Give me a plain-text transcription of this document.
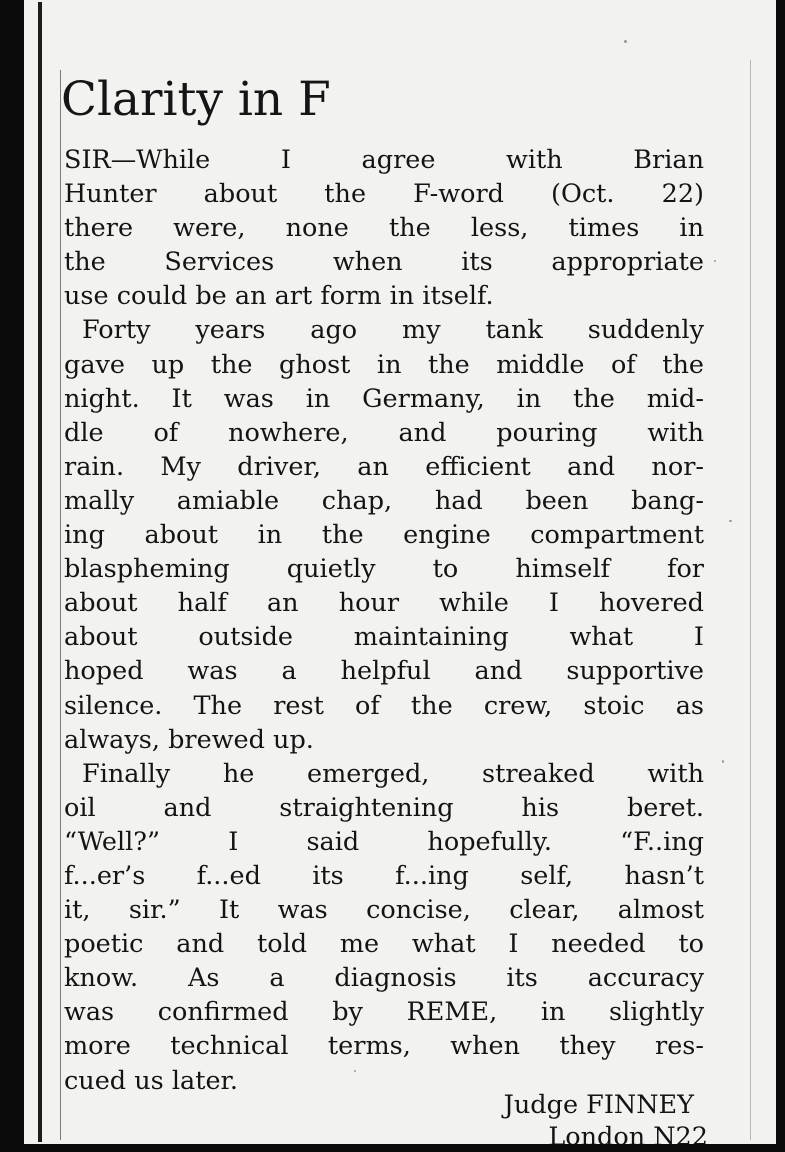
Clarity in F
SIR—While I agree with Brian
Hunter about the F-word (Oct. 22)
there were, none the less, times in
the Services when its appropriate
use could be an art form in itself.
Forty years ago my tank suddenly
gave up the ghost in the middle of the
night. It was in Germany, in the mid-
dle of nowhere, and pouring with
rain. My driver, an efficient and nor-
mally amiable chap, had been bang-
ing about in the engine compartment
blaspheming quietly to himself for
about half an hour while I hovered
about outside maintaining what I
hoped was a helpful and supportive
silence. The rest of the crew, stoic as
always, brewed up.
Finally he emerged, streaked with
oil and straightening his beret.
“Well?” I said hopefully. “F..ing
f...er’s f...ed its f...ing self, hasn’t
it, sir.” It was concise, clear, almost
poetic and told me what I needed to
know. As a diagnosis its accuracy
was confirmed by REME, in slightly
more technical terms, when they res-
cued us later.
Judge FINNEY
London N22
